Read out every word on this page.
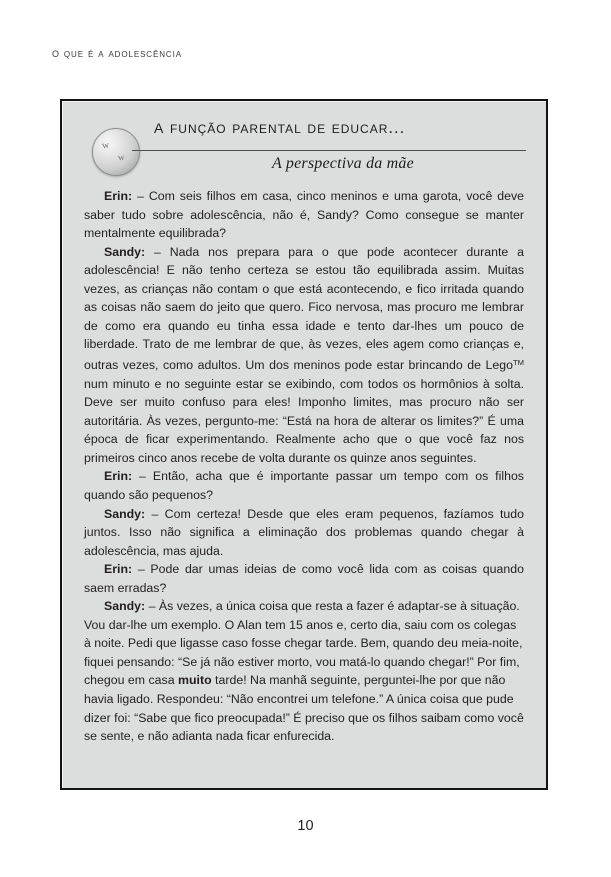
o que é a adolescência
w
w
a função parental de educar...
A perspectiva da mãe

Erin: – Com seis filhos em casa, cinco meninos e uma garota, você deve saber tudo sobre adolescência, não é, Sandy? Como consegue se manter mentalmente equilibrada?

Sandy: – Nada nos prepara para o que pode acontecer durante a adolescência! E não tenho certeza se estou tão equilibrada assim. Muitas vezes, as crianças não contam o que está acontecendo, e fico irritada quando as coisas não saem do jeito que quero. Fico nervosa, mas procuro me lembrar de como era quando eu tinha essa idade e tento dar-lhes um pouco de liberdade. Trato de me lembrar de que, às vezes, eles agem como crianças e, outras vezes, como adultos. Um dos meninos pode estar brincando de Lego™ num minuto e no seguinte estar se exibindo, com todos os hormônios à solta. Deve ser muito confuso para eles! Imponho limites, mas procuro não ser autoritária. Às vezes, pergunto-me: “Está na hora de alterar os limites?” É uma época de ficar experimentando. Realmente acho que o que você faz nos primeiros cinco anos recebe de volta durante os quinze anos seguintes.

Erin: – Então, acha que é importante passar um tempo com os filhos quando são pequenos?

Sandy: – Com certeza! Desde que eles eram pequenos, fazíamos tudo juntos. Isso não significa a eliminação dos problemas quando chegar à adolescência, mas ajuda.

Erin: – Pode dar umas ideias de como você lida com as coisas quando saem erradas?

Sandy: – Às vezes, a única coisa que resta a fazer é adaptar-se à situação. Vou dar-lhe um exemplo. O Alan tem 15 anos e, certo dia, saiu com os colegas à noite. Pedi que ligasse caso fosse chegar tarde. Bem, quando deu meia-noite, fiquei pensando: “Se já não estiver morto, vou matá-lo quando chegar!” Por fim, chegou em casa muito tarde! Na manhã seguinte, perguntei-lhe por que não havia ligado. Respondeu: “Não encontrei um telefone.” A única coisa que pude dizer foi: “Sabe que fico preocupada!” É preciso que os filhos saibam como você se sente, e não adianta nada ficar enfurecida.

10
